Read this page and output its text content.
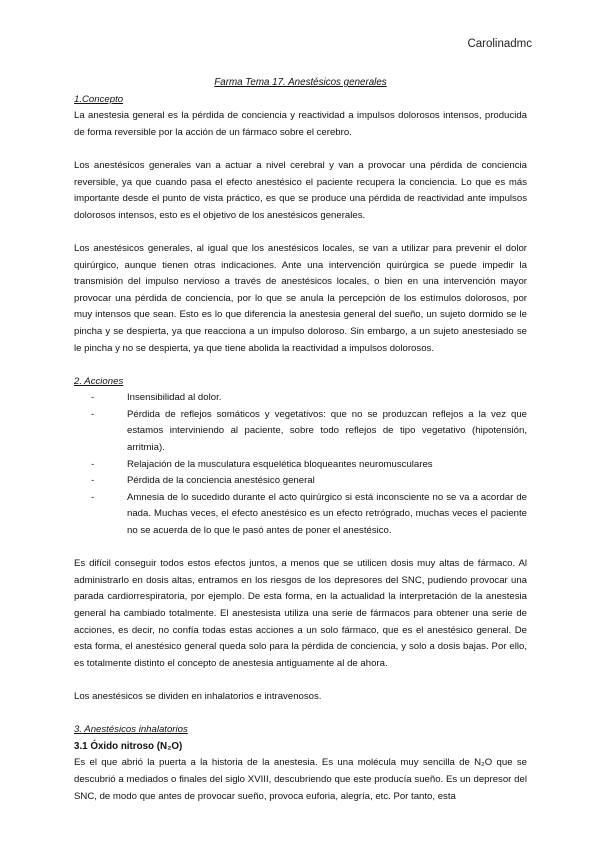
Carolinadmc

Farma Tema 17. Anestésicos generales

1.Concepto

La anestesia general es la pérdida de conciencia y reactividad a impulsos dolorosos intensos, producida de forma reversible por la acción de un fármaco sobre el cerebro.

Los anestésicos generales van a actuar a nivel cerebral y van a provocar una pérdida de conciencia reversible, ya que cuando pasa el efecto anestésico el paciente recupera la conciencia. Lo que es más importante desde el punto de vista práctico, es que se produce una pérdida de reactividad ante impulsos dolorosos intensos, esto es el objetivo de los anestésicos generales.

Los anestésicos generales, al igual que los anestésicos locales, se van a utilizar para prevenir el dolor quirúrgico, aunque tienen otras indicaciones. Ante una intervención quirúrgica se puede impedir la transmisión del impulso nervioso a través de anestésicos locales, o bien en una intervención mayor provocar una pérdida de conciencia, por lo que se anula la percepción de los estímulos dolorosos, por muy intensos que sean. Esto es lo que diferencia la anestesia general del sueño, un sujeto dormido se le pincha y se despierta, ya que reacciona a un impulso doloroso. Sin embargo, a un sujeto anestesiado se le pincha y no se despierta, ya que tiene abolida la reactividad a impulsos dolorosos.

2. Acciones
- Insensibilidad al dolor.
- Pérdida de reflejos somáticos y vegetativos: que no se produzcan reflejos a la vez que estamos interviniendo al paciente, sobre todo reflejos de tipo vegetativo (hipotensión, arritmia).
- Relajación de la musculatura esquelética bloqueantes neuromusculares
- Pérdida de la conciencia anestésico general
- Amnesia de lo sucedido durante el acto quirúrgico si está inconsciente no se va a acordar de nada. Muchas veces, el efecto anestésico es un efecto retrógrado, muchas veces el paciente no se acuerda de lo que le pasó antes de poner el anestésico.

Es difícil conseguir todos estos efectos juntos, a menos que se utilicen dosis muy altas de fármaco. Al administrarlo en dosis altas, entramos en los riesgos de los depresores del SNC, pudiendo provocar una parada cardiorrespiratoria, por ejemplo. De esta forma, en la actualidad la interpretación de la anestesia general ha cambiado totalmente. El anestesista utiliza una serie de fármacos para obtener una serie de acciones, es decir, no confía todas estas acciones a un solo fármaco, que es el anestésico general. De esta forma, el anestésico general queda solo para la pérdida de conciencia, y solo a dosis bajas. Por ello, es totalmente distinto el concepto de anestesia antiguamente al de ahora.

Los anestésicos se dividen en inhalatorios e intravenosos.

3. Anestésicos inhalatorios
3.1 Óxido nitroso (N₂O)

Es el que abrió la puerta a la historia de la anestesia. Es una molécula muy sencilla de N₂O que se descubrió a mediados o finales del siglo XVIII, descubriendo que este producía sueño. Es un depresor del SNC, de modo que antes de provocar sueño, provoca euforia, alegría, etc. Por tanto, esta
